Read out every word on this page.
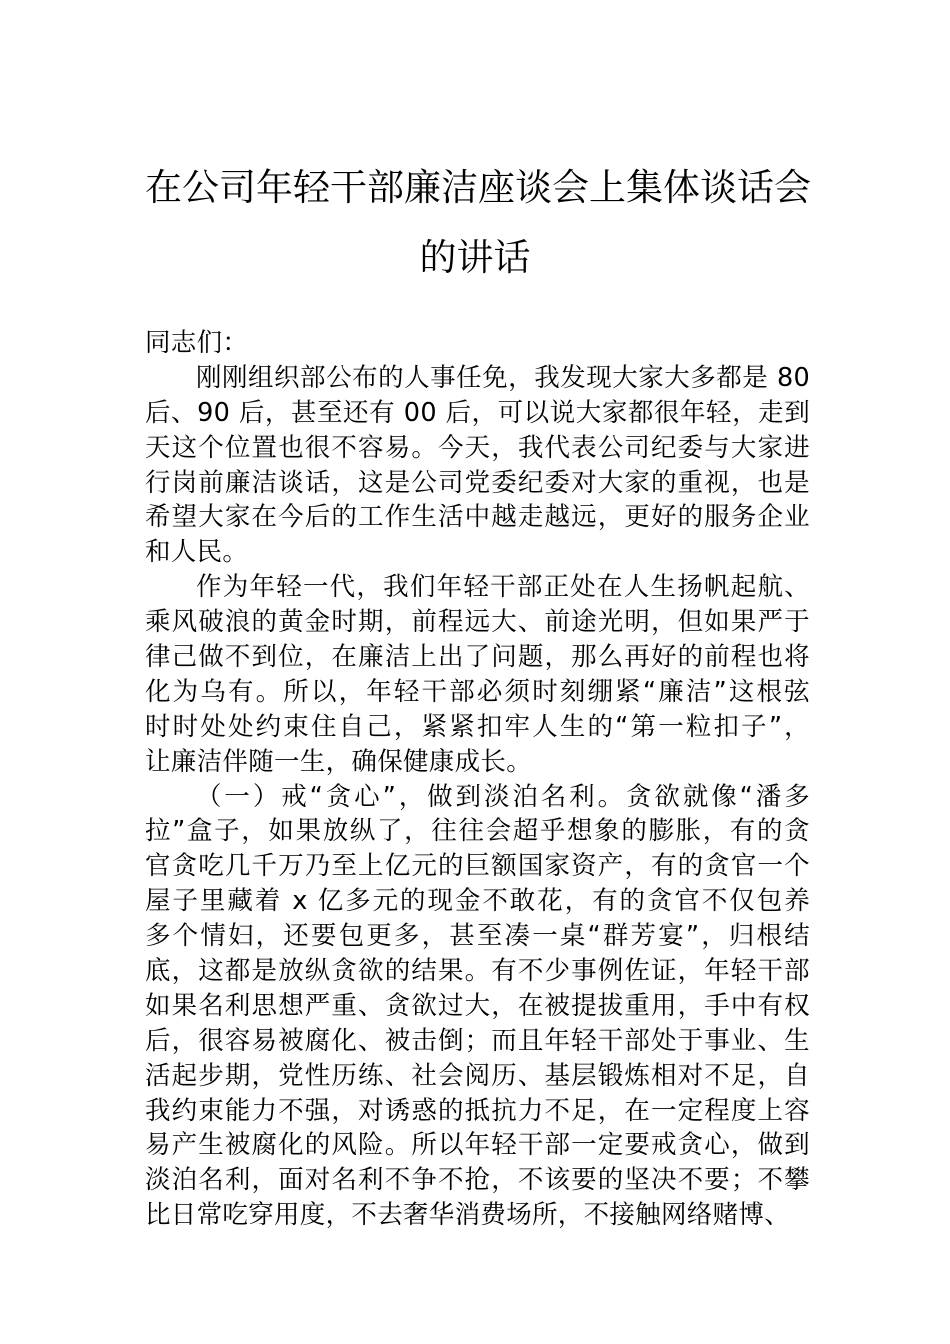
在公司年轻干部廉洁座谈会上集体谈话会
的讲话
同志们：
刚刚组织部公布的人事任免，我发现大家大多都是 80
后、90 后，甚至还有 00 后，可以说大家都很年轻，走到
天这个位置也很不容易。今天，我代表公司纪委与大家进
行岗前廉洁谈话，这是公司党委纪委对大家的重视，也是
希望大家在今后的工作生活中越走越远，更好的服务企业
和人民。
作为年轻一代，我们年轻干部正处在人生扬帆起航、
乘风破浪的黄金时期，前程远大、前途光明，但如果严于
律己做不到位，在廉洁上出了问题，那么再好的前程也将
化为乌有。所以，年轻干部必须时刻绷紧“廉洁”这根弦
时时处处约束住自己，紧紧扣牢人生的“第一粒扣子”，
让廉洁伴随一生，确保健康成长。
（一）戒“贪心”，做到淡泊名利。贪欲就像“潘多
拉”盒子，如果放纵了，往往会超乎想象的膨胀，有的贪
官贪吃几千万乃至上亿元的巨额国家资产，有的贪官一个
屋子里藏着 x 亿多元的现金不敢花，有的贪官不仅包养
多个情妇，还要包更多，甚至凑一桌“群芳宴”，归根结
底，这都是放纵贪欲的结果。有不少事例佐证，年轻干部
如果名利思想严重、贪欲过大，在被提拔重用，手中有权
后，很容易被腐化、被击倒；而且年轻干部处于事业、生
活起步期，党性历练、社会阅历、基层锻炼相对不足，自
我约束能力不强，对诱惑的抵抗力不足，在一定程度上容
易产生被腐化的风险。所以年轻干部一定要戒贪心，做到
淡泊名利，面对名利不争不抢，不该要的坚决不要；不攀
比日常吃穿用度，不去奢华消费场所，不接触网络赌博、
